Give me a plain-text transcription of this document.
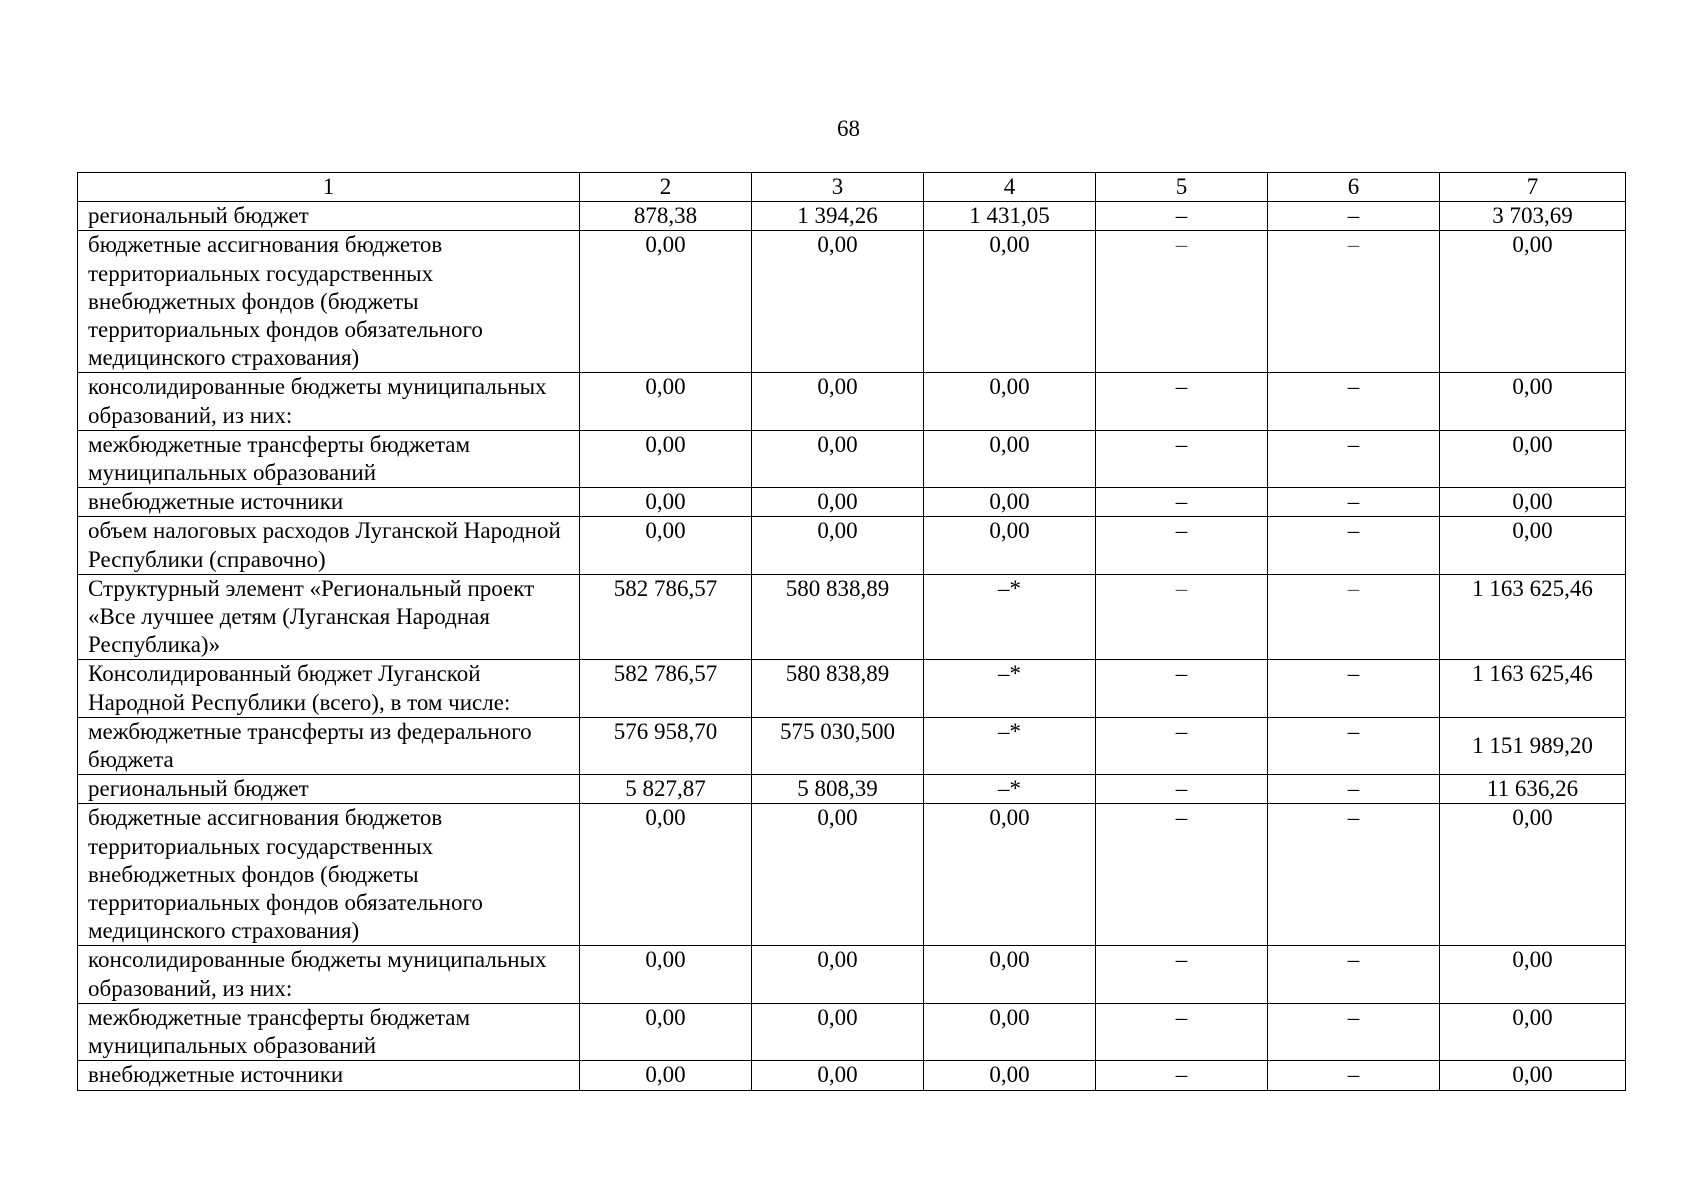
68
1	2	3	4	5	6	7
региональный бюджет	878,38	1 394,26	1 431,05	–	–	3 703,69
бюджетные ассигнования бюджетов территориальных государственных внебюджетных фондов (бюджеты территориальных фондов обязательного медицинского страхования)	0,00	0,00	0,00	–	–	0,00
консолидированные бюджеты муниципальных образований, из них:	0,00	0,00	0,00	–	–	0,00
межбюджетные трансферты бюджетам муниципальных образований	0,00	0,00	0,00	–	–	0,00
внебюджетные источники	0,00	0,00	0,00	–	–	0,00
объем налоговых расходов Луганской Народной Республики (справочно)	0,00	0,00	0,00	–	–	0,00
Структурный элемент «Региональный проект «Все лучшее детям (Луганская Народная Республика)»	582 786,57	580 838,89	–*	–	–	1 163 625,46
Консолидированный бюджет Луганской Народной Республики (всего), в том числе:	582 786,57	580 838,89	–*	–	–	1 163 625,46
межбюджетные трансферты из федерального бюджета	576 958,70	575 030,500	–*	–	–	1 151 989,20
региональный бюджет	5 827,87	5 808,39	–*	–	–	11 636,26
бюджетные ассигнования бюджетов территориальных государственных внебюджетных фондов (бюджеты территориальных фондов обязательного медицинского страхования)	0,00	0,00	0,00	–	–	0,00
консолидированные бюджеты муниципальных образований, из них:	0,00	0,00	0,00	–	–	0,00
межбюджетные трансферты бюджетам муниципальных образований	0,00	0,00	0,00	–	–	0,00
внебюджетные источники	0,00	0,00	0,00	–	–	0,00
